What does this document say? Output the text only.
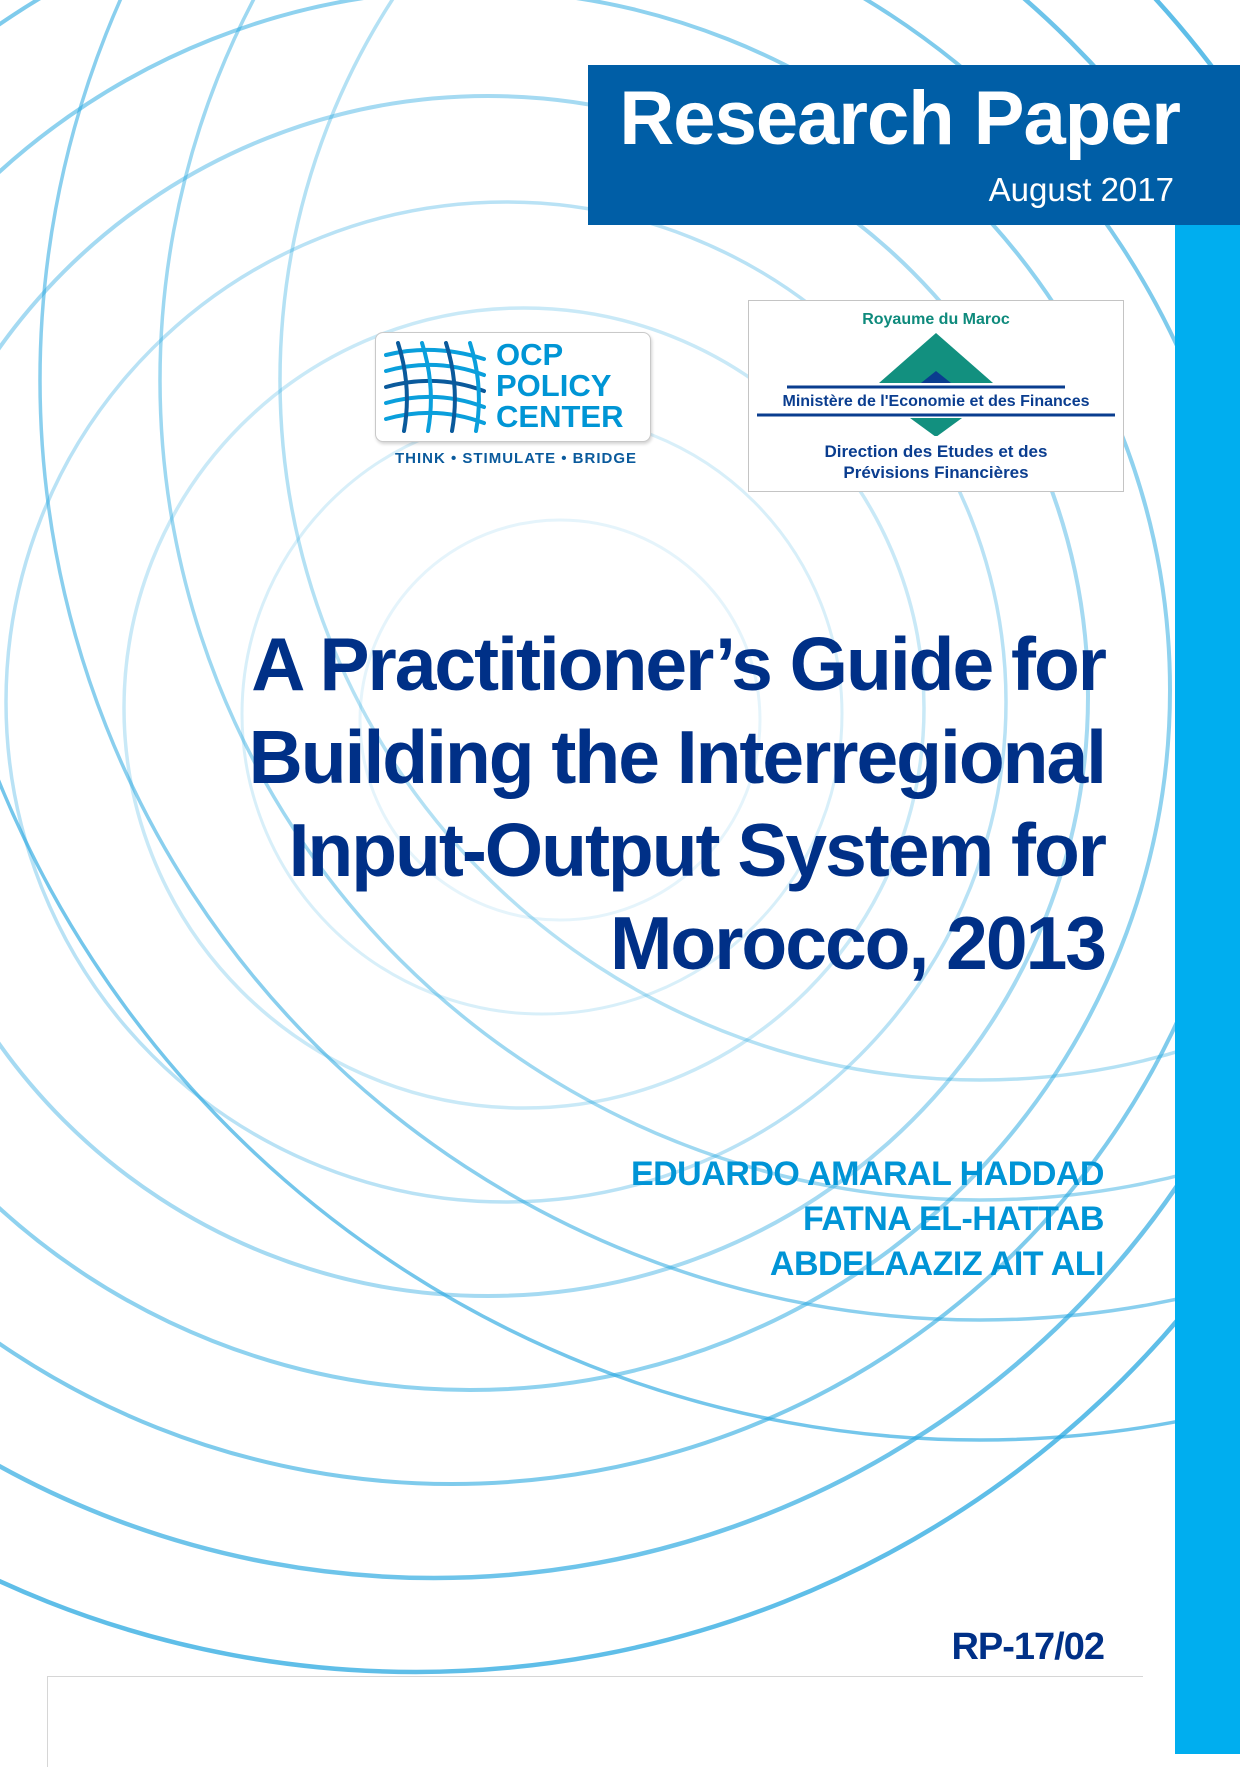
Research Paper
August 2017
OCP
POLICY
CENTER
THINK • STIMULATE • BRIDGE
Royaume du Maroc
Ministère de l'Economie et des Finances
Direction des Etudes et des
Prévisions Financières
A Practitioner’s Guide for
Building the Interregional
Input-Output System for
Morocco, 2013
EDUARDO AMARAL HADDAD
FATNA EL-HATTAB
ABDELAAZIZ AIT ALI
RP-17/02
